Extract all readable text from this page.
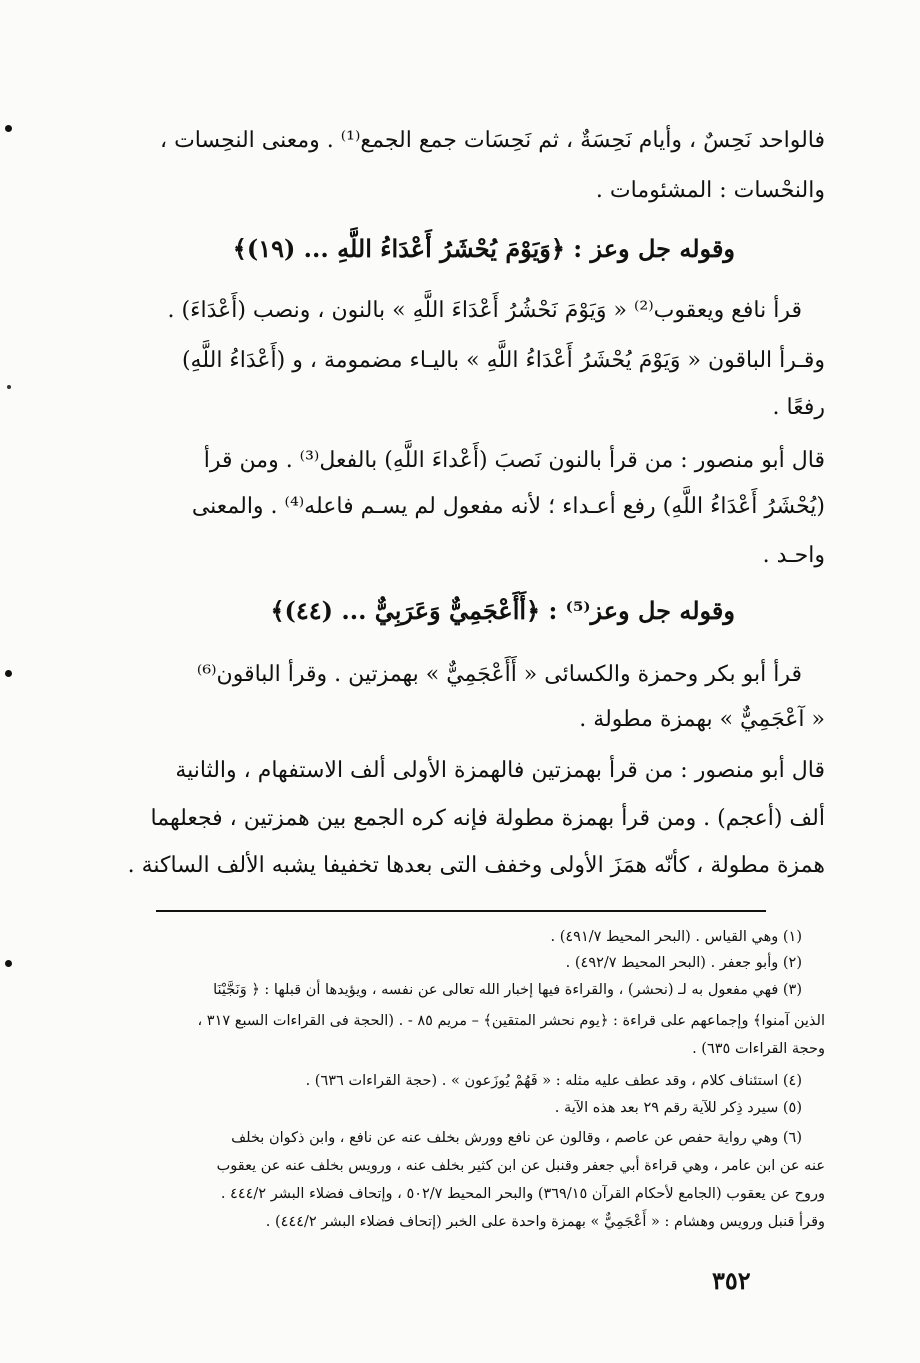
فالواحد نَحِسٌ ، وأيام نَحِسَةٌ ، ثم نَحِسَات جمع الجمع⁽¹⁾ . ومعنى النحِسات ،
والنحْسات : المشئومات .
وقوله جل وعز : ﴿وَيَوْمَ يُحْشَرُ أَعْدَاءُ اللَّهِ ... (١٩)﴾
قرأ نافع ويعقوب⁽²⁾ « وَيَوْمَ نَحْشُرُ أَعْدَاءَ اللَّهِ » بالنون ، ونصب (أَعْدَاءَ) .
وقـرأ الباقون « وَيَوْمَ يُحْشَرُ أَعْدَاءُ اللَّهِ » باليـاء مضمومة ، و (أَعْدَاءُ اللَّهِ)
رفعًا .
قال أبو منصور : من قرأ بالنون نَصبَ (أَعْداءَ اللَّهِ) بالفعل⁽³⁾ . ومن قرأ
(يُحْشَرُ أَعْدَاءُ اللَّهِ) رفع أعـداء ؛ لأنه مفعول لم يسـم فاعله⁽⁴⁾ . والمعنى
واحـد .
وقوله جل وعز⁽⁵⁾ : ﴿أَأَعْجَمِيٌّ وَعَرَبِيٌّ ... (٤٤)﴾
قرأ أبو بكر وحمزة والكسائى « أَأَعْجَمِيٌّ » بهمزتين . وقرأ الباقون⁽⁶⁾
« آعْجَمِيٌّ » بهمزة مطولة .
قال أبو منصور : من قرأ بهمزتين فالهمزة الأولى ألف الاستفهام ، والثانية
ألف (أعجم) . ومن قرأ بهمزة مطولة فإنه كره الجمع بين همزتين ، فجعلهما
همزة مطولة ، كأنّه همَزَ الأولى وخفف التى بعدها تخفيفا يشبه الألف الساكنة .
(١) وهي القياس . (البحر المحيط ٤٩١/٧) .
(٢) وأبو جعفر . (البحر المحيط ٤٩٢/٧) .
(٣) فهي مفعول به لـ (نحشر) ، والقراءة فيها إخبار الله تعالى عن نفسه ، ويؤيدها أن قبلها : ﴿ وَنَجَّيْنَا
الذين آمنوا﴾ وإجماعهم على قراءة : ﴿يوم نحشر المتقين﴾ – مريم ٨٥ - . (الحجة فى القراءات السبع ٣١٧ ،
وحجة القراءات ٦٣٥) .
(٤) استئناف كلام ، وقد عطف عليه مثله : « فَهُمْ يُوزَعون » . (حجة القراءات ٦٣٦) .
(٥) سيرد ذِكر للآية رقم ٢٩ بعد هذه الآية .
(٦) وهي رواية حفص عن عاصم ، وقالون عن نافع وورش بخلف عنه عن نافع ، وابن ذكوان بخلف
عنه عن ابن عامر ، وهي قراءة أبي جعفر وقنبل عن ابن كثير بخلف عنه ، ورويس بخلف عنه عن يعقوب
وروح عن يعقوب (الجامع لأحكام القرآن ٣٦٩/١٥) والبحر المحيط ٥٠٢/٧ ، وإتحاف فضلاء البشر ٤٤٤/٢ .
وقرأ قنبل ورويس وهشام : « أَعْجَمِيٌّ » بهمزة واحدة على الخبر (إتحاف فضلاء البشر ٤٤٤/٢) .
٣٥٢
